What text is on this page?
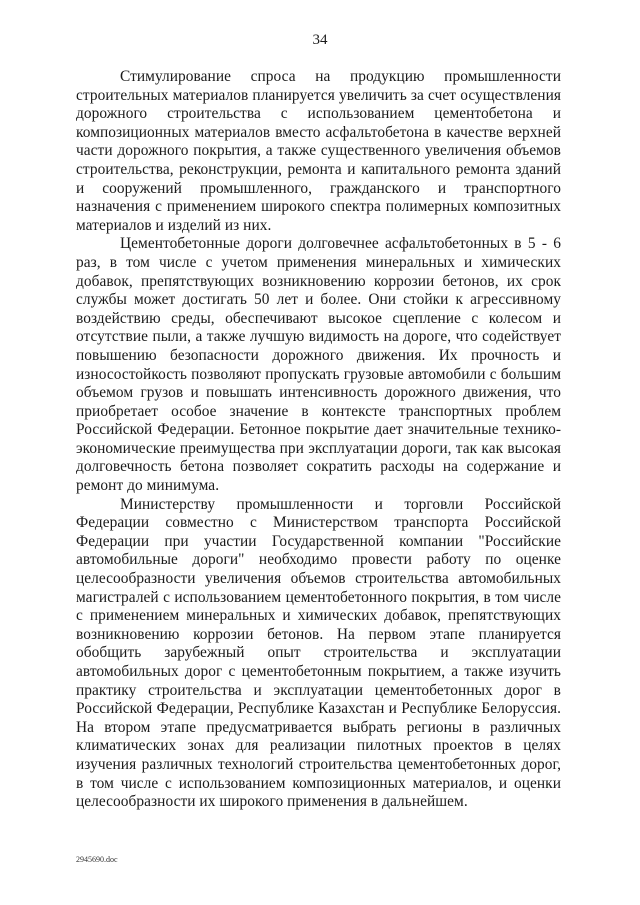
34

Стимулирование спроса на продукцию промышленности строительных материалов планируется увеличить за счет осуществления дорожного строительства с использованием цементобетона и композиционных материалов вместо асфальтобетона в качестве верхней части дорожного покрытия, а также существенного увеличения объемов строительства, реконструкции, ремонта и капитального ремонта зданий и сооружений промышленного, гражданского и транспортного назначения с применением широкого спектра полимерных композитных материалов и изделий из них.

Цементобетонные дороги долговечнее асфальтобетонных в 5 - 6 раз, в том числе с учетом применения минеральных и химических добавок, препятствующих возникновению коррозии бетонов, их срок службы может достигать 50 лет и более. Они стойки к агрессивному воздействию среды, обеспечивают высокое сцепление с колесом и отсутствие пыли, а также лучшую видимость на дороге, что содействует повышению безопасности дорожного движения. Их прочность и износостойкость позволяют пропускать грузовые автомобили с большим объемом грузов и повышать интенсивность дорожного движения, что приобретает особое значение в контексте транспортных проблем Российской Федерации. Бетонное покрытие дает значительные технико-экономические преимущества при эксплуатации дороги, так как высокая долговечность бетона позволяет сократить расходы на содержание и ремонт до минимума.

Министерству промышленности и торговли Российской Федерации совместно с Министерством транспорта Российской Федерации при участии Государственной компании "Российские автомобильные дороги" необходимо провести работу по оценке целесообразности увеличения объемов строительства автомобильных магистралей с использованием цементобетонного покрытия, в том числе с применением минеральных и химических добавок, препятствующих возникновению коррозии бетонов. На первом этапе планируется обобщить зарубежный опыт строительства и эксплуатации автомобильных дорог с цементобетонным покрытием, а также изучить практику строительства и эксплуатации цементобетонных дорог в Российской Федерации, Республике Казахстан и Республике Белоруссия. На втором этапе предусматривается выбрать регионы в различных климатических зонах для реализации пилотных проектов в целях изучения различных технологий строительства цементобетонных дорог, в том числе с использованием композиционных материалов, и оценки целесообразности их широкого применения в дальнейшем.

2945690.doc
